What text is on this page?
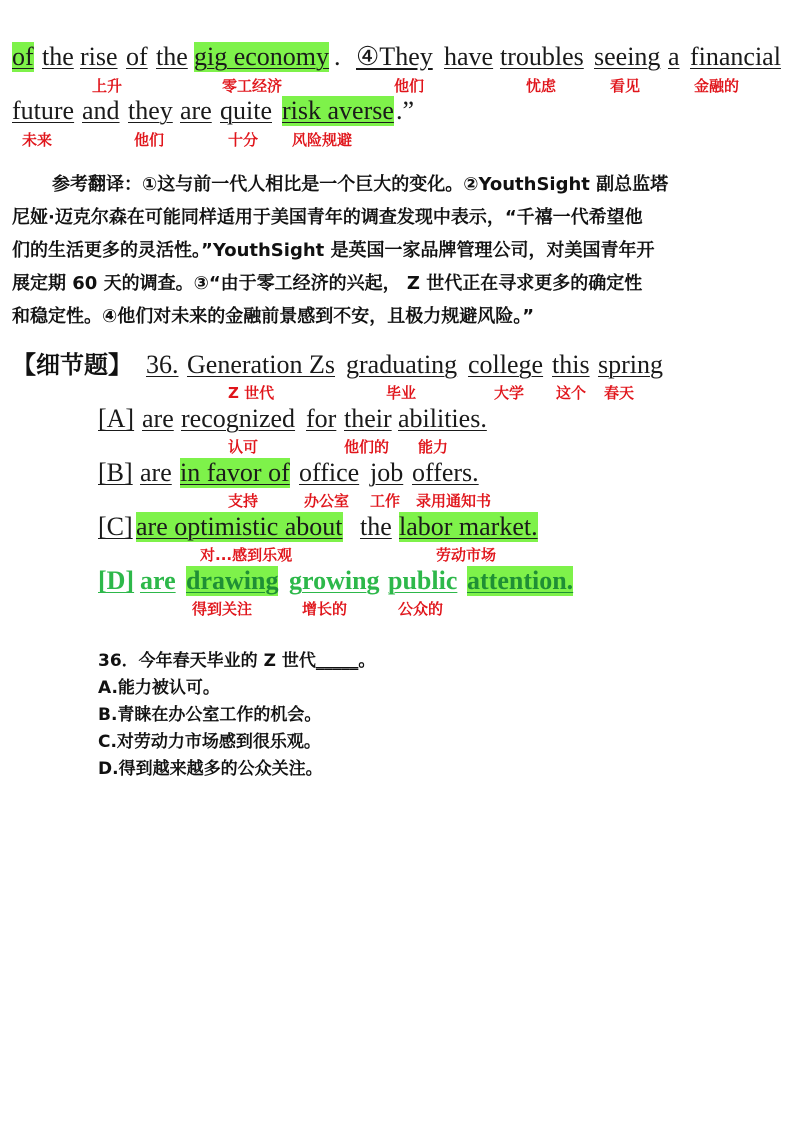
of the rise of the gig economy . ④They have troubles seeing a financial
上升	零工经济	他们	忧虑	看见	金融的
future and they are quite risk averse .”
未来	他们	十分 风险规避
参考翻译：①这与前一代人相比是一个巨大的变化。②YouthSight 副总监塔
尼娅·迈克尔森在可能同样适用于美国青年的调查发现中表示，“千禧一代希望他
们的生活更多的灵活性。”YouthSight 是英国一家品牌管理公司，对美国青年开
展定期 60 天的调查。③“由于零工经济的兴起， Z 世代正在寻求更多的确定性
和稳定性。④他们对未来的金融前景感到不安，且极力规避风险。”
【细节题】 36. Generation Zs graduating college this spring
Z 世代	毕业	大学 这个 春天
[A] are recognized for their abilities.
认可	他们的 能力
[B] are in favor of office job offers.
支持	办公室 工作 录用通知书
[C] are optimistic about the labor market.
对...感到乐观	劳动市场
[D] are drawing growing public attention.
得到关注	增长的	公众的
36．今年春天毕业的 Z 世代_____。
A.能力被认可。
B.青睐在办公室工作的机会。
C.对劳动力市场感到很乐观。
D.得到越来越多的公众关注。
